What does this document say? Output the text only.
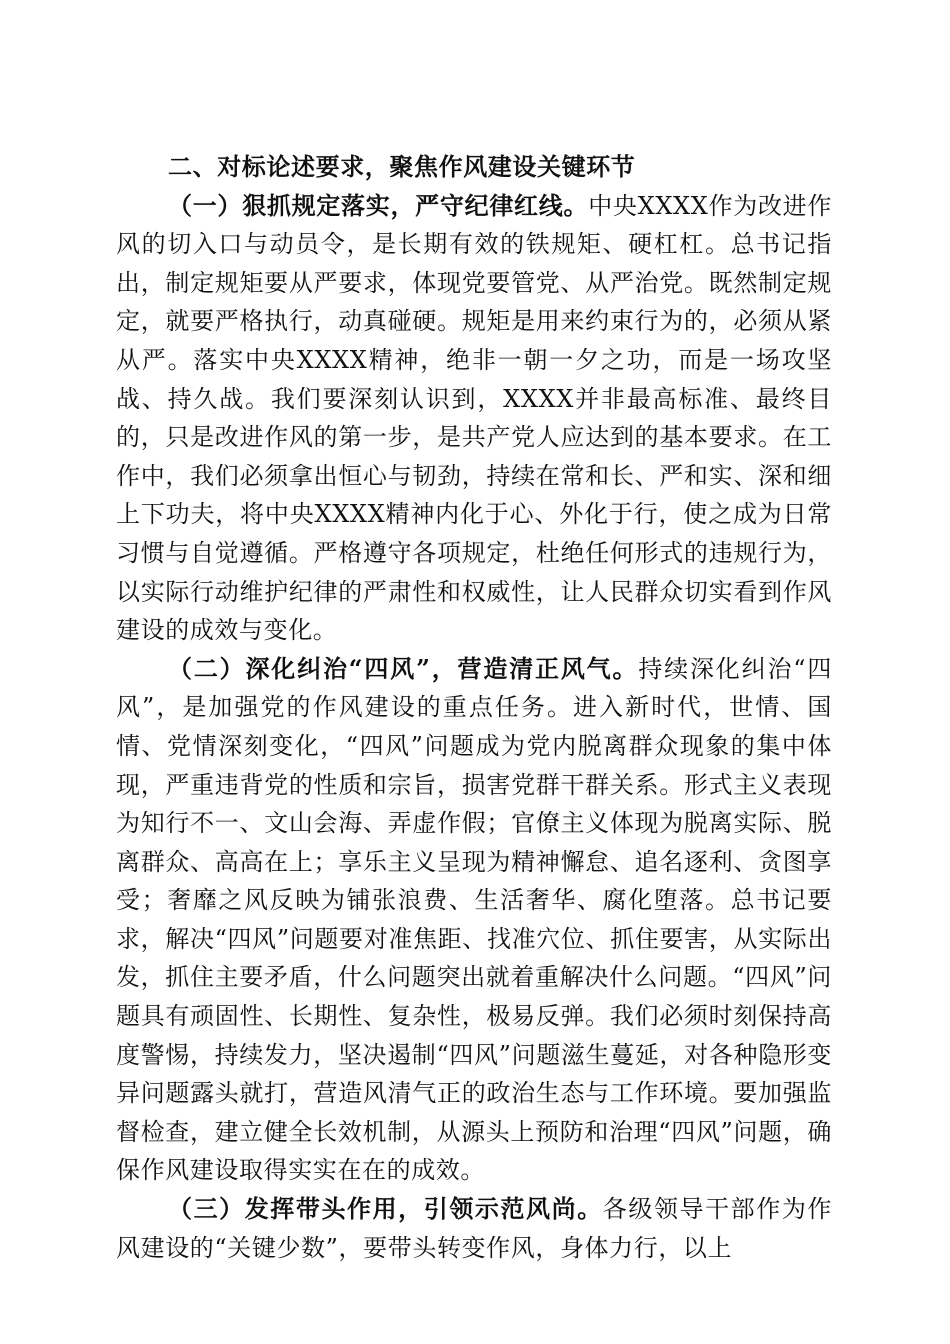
二、对标论述要求，聚焦作风建设关键环节

（一）狠抓规定落实，严守纪律红线。中央XXXX作为改进作风的切入口与动员令，是长期有效的铁规矩、硬杠杠。总书记指出，制定规矩要从严要求，体现党要管党、从严治党。既然制定规定，就要严格执行，动真碰硬。规矩是用来约束行为的，必须从紧从严。落实中央XXXX精神，绝非一朝一夕之功，而是一场攻坚战、持久战。我们要深刻认识到，XXXX并非最高标准、最终目的，只是改进作风的第一步，是共产党人应达到的基本要求。在工作中，我们必须拿出恒心与韧劲，持续在常和长、严和实、深和细上下功夫，将中央XXXX精神内化于心、外化于行，使之成为日常习惯与自觉遵循。严格遵守各项规定，杜绝任何形式的违规行为，以实际行动维护纪律的严肃性和权威性，让人民群众切实看到作风建设的成效与变化。

（二）深化纠治“四风”，营造清正风气。持续深化纠治“四风”，是加强党的作风建设的重点任务。进入新时代，世情、国情、党情深刻变化，“四风”问题成为党内脱离群众现象的集中体现，严重违背党的性质和宗旨，损害党群干群关系。形式主义表现为知行不一、文山会海、弄虚作假；官僚主义体现为脱离实际、脱离群众、高高在上；享乐主义呈现为精神懈怠、追名逐利、贪图享受；奢靡之风反映为铺张浪费、生活奢华、腐化堕落。总书记要求，解决“四风”问题要对准焦距、找准穴位、抓住要害，从实际出发，抓住主要矛盾，什么问题突出就着重解决什么问题。“四风”问题具有顽固性、长期性、复杂性，极易反弹。我们必须时刻保持高度警惕，持续发力，坚决遏制“四风”问题滋生蔓延，对各种隐形变异问题露头就打，营造风清气正的政治生态与工作环境。要加强监督检查，建立健全长效机制，从源头上预防和治理“四风”问题，确保作风建设取得实实在在的成效。

（三）发挥带头作用，引领示范风尚。各级领导干部作为作风建设的“关键少数”，要带头转变作风，身体力行，以上
